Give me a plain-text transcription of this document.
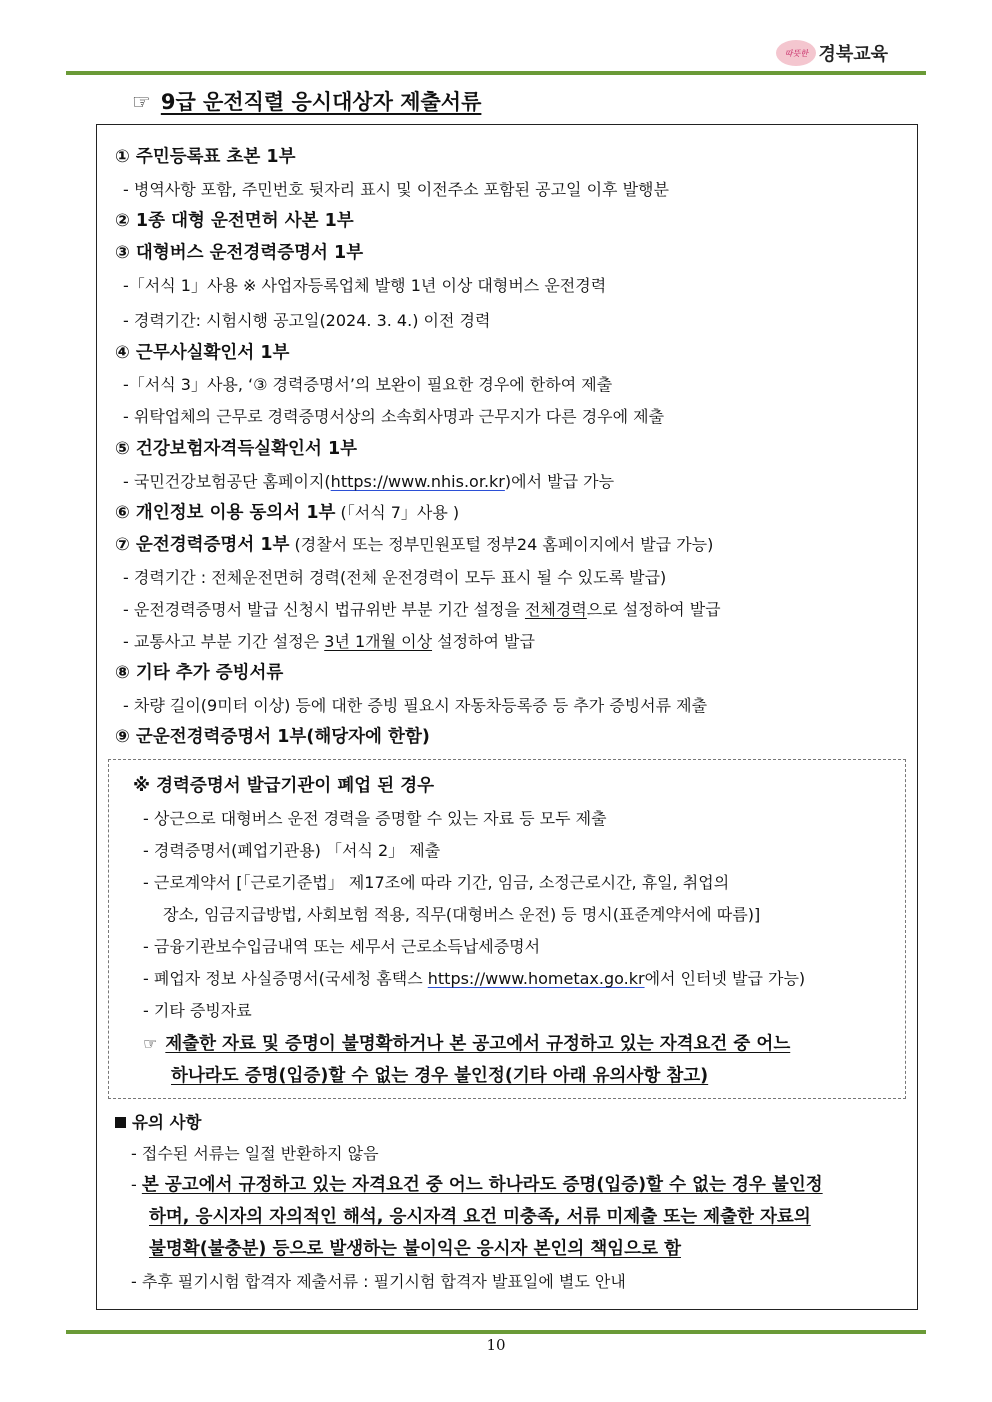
따뜻한 경북교육
☞ 9급 운전직렬 응시대상자 제출서류
① 주민등록표 초본 1부
- 병역사항 포함, 주민번호 뒷자리 표시 및 이전주소 포함된 공고일 이후 발행분
② 1종 대형 운전면허 사본 1부
③ 대형버스 운전경력증명서 1부
-「서식 1」사용 ※ 사업자등록업체 발행 1년 이상 대형버스 운전경력
- 경력기간: 시험시행 공고일(2024. 3. 4.) 이전 경력
④ 근무사실확인서 1부
-「서식 3」사용, ‘③ 경력증명서’의 보완이 필요한 경우에 한하여 제출
- 위탁업체의 근무로 경력증명서상의 소속회사명과 근무지가 다른 경우에 제출
⑤ 건강보험자격득실확인서 1부
- 국민건강보험공단 홈페이지(https://www.nhis.or.kr)에서 발급 가능
⑥ 개인정보 이용 동의서 1부 (「서식 7」사용 )
⑦ 운전경력증명서 1부 (경찰서 또는 정부민원포털 정부24 홈페이지에서 발급 가능)
- 경력기간 : 전체운전면허 경력(전체 운전경력이 모두 표시 될 수 있도록 발급)
- 운전경력증명서 발급 신청시 법규위반 부분 기간 설정을 전체경력으로 설정하여 발급
- 교통사고 부분 기간 설정은 3년 1개월 이상 설정하여 발급
⑧ 기타 추가 증빙서류
- 차량 길이(9미터 이상) 등에 대한 증빙 필요시 자동차등록증 등 추가 증빙서류 제출
⑨ 군운전경력증명서 1부(해당자에 한함)
※ 경력증명서 발급기관이 폐업 된 경우
- 상근으로 대형버스 운전 경력을 증명할 수 있는 자료 등 모두 제출
- 경력증명서(폐업기관용) 「서식 2」 제출
- 근로계약서 [「근로기준법」 제17조에 따라 기간, 임금, 소정근로시간, 휴일, 취업의
장소, 임금지급방법, 사회보험 적용, 직무(대형버스 운전) 등 명시(표준계약서에 따름)]
- 금융기관보수입금내역 또는 세무서 근로소득납세증명서
- 폐업자 정보 사실증명서(국세청 홈택스 https://www.hometax.go.kr에서 인터넷 발급 가능)
- 기타 증빙자료
☞ 제출한 자료 및 증명이 불명확하거나 본 공고에서 규정하고 있는 자격요건 중 어느
하나라도 증명(입증)할 수 없는 경우 불인정(기타 아래 유의사항 참고)
유의 사항
- 접수된 서류는 일절 반환하지 않음
- 본 공고에서 규정하고 있는 자격요건 중 어느 하나라도 증명(입증)할 수 없는 경우 불인정
하며, 응시자의 자의적인 해석, 응시자격 요건 미충족, 서류 미제출 또는 제출한 자료의
불명확(불충분) 등으로 발생하는 불이익은 응시자 본인의 책임으로 함
- 추후 필기시험 합격자 제출서류 : 필기시험 합격자 발표일에 별도 안내
10
